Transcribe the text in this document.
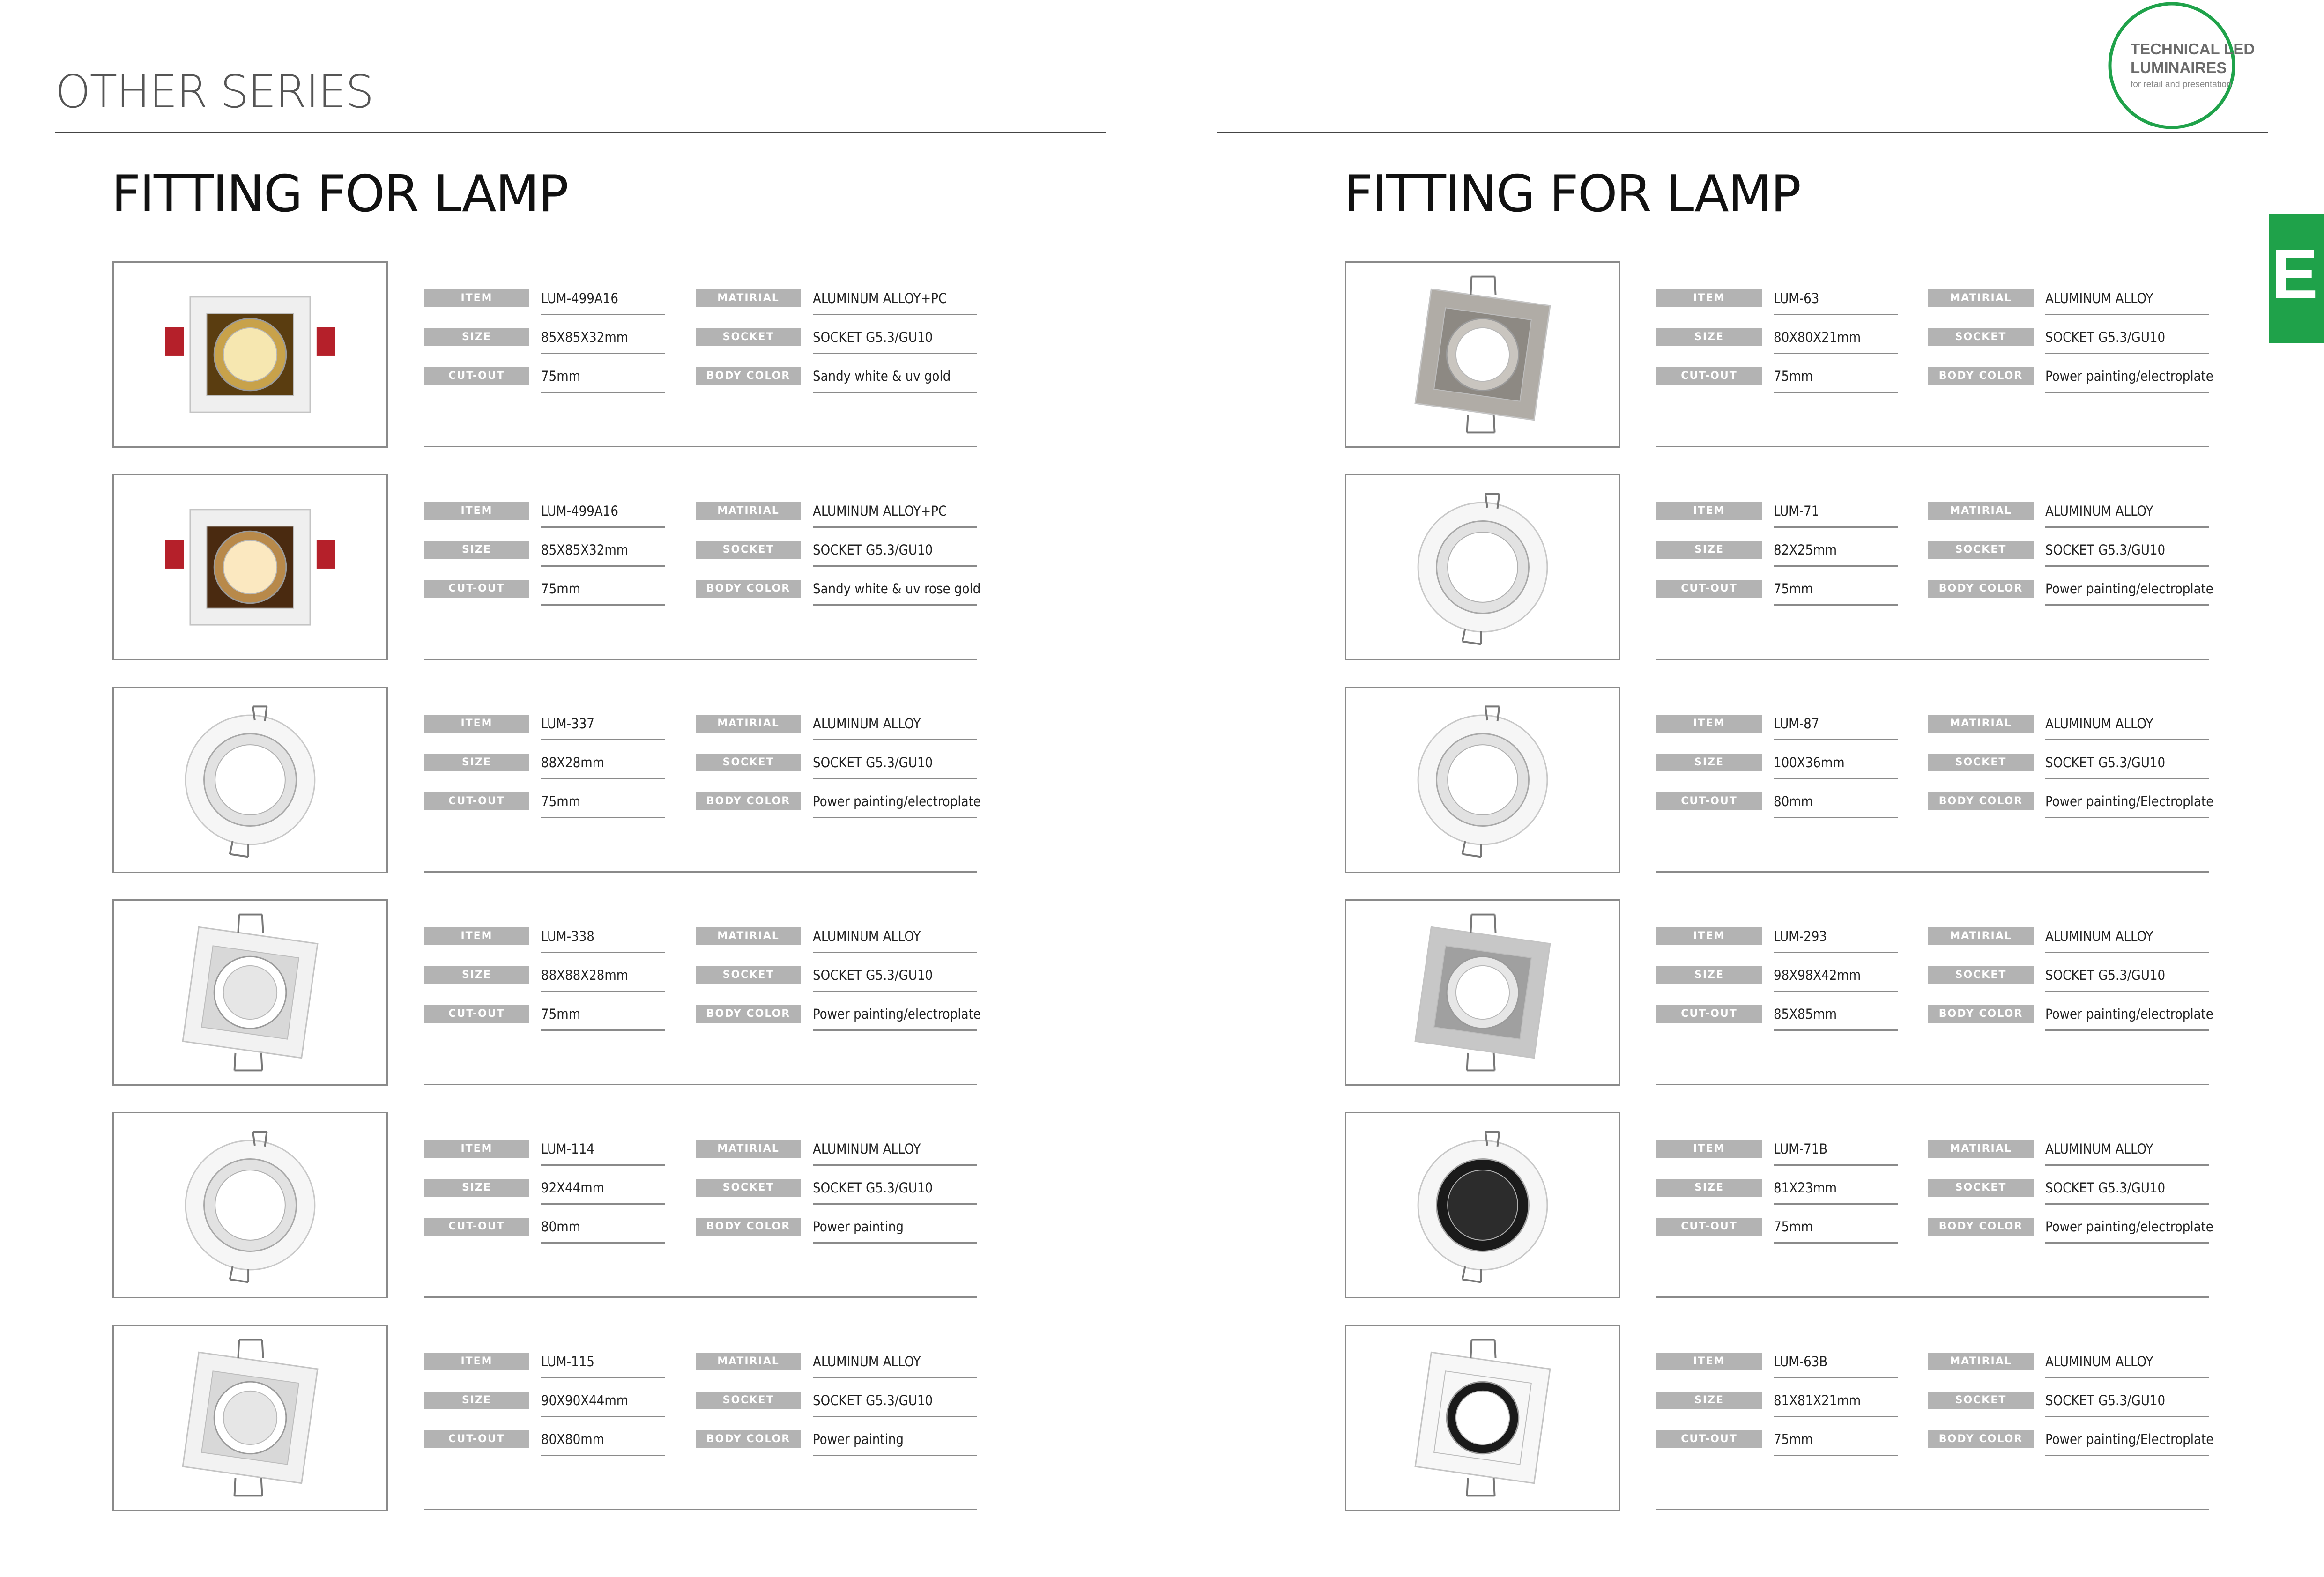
OTHER SERIES
TECHNICAL LED
LUMINAIRES
for retail and presentation
E
FITTING FOR LAMP	FITTING FOR LAMP
ITEM	LUM-499A16	MATIRIAL	ALUMINUM ALLOY+PC
SIZE	85X85X32mm	SOCKET	SOCKET G5.3/GU10
CUT-OUT	75mm	BODY COLOR	Sandy white & uv gold
ITEM	LUM-499A16	MATIRIAL	ALUMINUM ALLOY+PC
SIZE	85X85X32mm	SOCKET	SOCKET G5.3/GU10
CUT-OUT	75mm	BODY COLOR	Sandy white & uv rose gold
ITEM	LUM-337	MATIRIAL	ALUMINUM ALLOY
SIZE	88X28mm	SOCKET	SOCKET G5.3/GU10
CUT-OUT	75mm	BODY COLOR	Power painting/electroplate
ITEM	LUM-338	MATIRIAL	ALUMINUM ALLOY
SIZE	88X88X28mm	SOCKET	SOCKET G5.3/GU10
CUT-OUT	75mm	BODY COLOR	Power painting/electroplate
ITEM	LUM-114	MATIRIAL	ALUMINUM ALLOY
SIZE	92X44mm	SOCKET	SOCKET G5.3/GU10
CUT-OUT	80mm	BODY COLOR	Power painting
ITEM	LUM-115	MATIRIAL	ALUMINUM ALLOY
SIZE	90X90X44mm	SOCKET	SOCKET G5.3/GU10
CUT-OUT	80X80mm	BODY COLOR	Power painting
ITEM	LUM-63	MATIRIAL	ALUMINUM ALLOY
SIZE	80X80X21mm	SOCKET	SOCKET G5.3/GU10
CUT-OUT	75mm	BODY COLOR	Power painting/electroplate
ITEM	LUM-71	MATIRIAL	ALUMINUM ALLOY
SIZE	82X25mm	SOCKET	SOCKET G5.3/GU10
CUT-OUT	75mm	BODY COLOR	Power painting/electroplate
ITEM	LUM-87	MATIRIAL	ALUMINUM ALLOY
SIZE	100X36mm	SOCKET	SOCKET G5.3/GU10
CUT-OUT	80mm	BODY COLOR	Power painting/Electroplate
ITEM	LUM-293	MATIRIAL	ALUMINUM ALLOY
SIZE	98X98X42mm	SOCKET	SOCKET G5.3/GU10
CUT-OUT	85X85mm	BODY COLOR	Power painting/electroplate
ITEM	LUM-71B	MATIRIAL	ALUMINUM ALLOY
SIZE	81X23mm	SOCKET	SOCKET G5.3/GU10
CUT-OUT	75mm	BODY COLOR	Power painting/electroplate
ITEM	LUM-63B	MATIRIAL	ALUMINUM ALLOY
SIZE	81X81X21mm	SOCKET	SOCKET G5.3/GU10
CUT-OUT	75mm	BODY COLOR	Power painting/Electroplate
